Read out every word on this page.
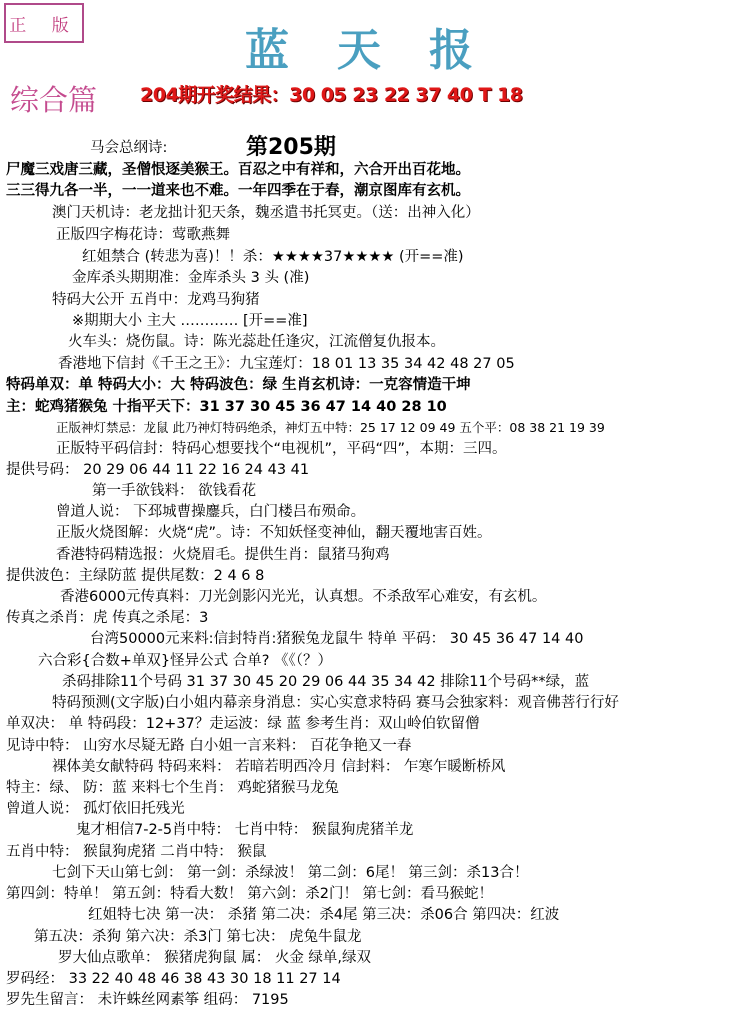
正 版	蓝天报
综合篇 204期开奖结果：30 05 23 22 37 40 T 18
第205期
马会总纲诗:
尸魔三戏唐三藏，圣僧恨逐美猴王。百忍之中有祥和，六合开出百花地。
三三得九各一半，一一道来也不难。一年四季在于春，潮京图库有玄机。
澳门天机诗：老龙拙计犯天条，魏丞遣书托冥吏。（送：出神入化）
正版四字梅花诗：莺歌燕舞
红姐禁合 (转悲为喜)！！杀：★★★★37★★★★ (开==准)
金库杀头期期准：金库杀头 3 头 (准)
特码大公开 五肖中：龙鸡马狗猪
※期期大小 主大 ………… [开==准]
火车头：烧伤鼠。诗：陈光蕊赴任逢灾，江流僧复仇报本。
香港地下信封《千王之王》：九宝莲灯：18 01 13 35 34 42 48 27 05
特码单双：单 特码大小：大 特码波色：绿 生肖玄机诗：一克容情造干坤
主：蛇鸡猪猴兔 十指平天下：31 37 30 45 36 47 14 40 28 10
正版神灯禁忌：龙鼠 此乃神灯特码绝杀，神灯五中特：25 17 12 09 49 五个平：08 38 21 19 39
正版特平码信封：特码心想要找个“电视机”，平码“四”，本期：三四。
提供号码： 20 29 06 44 11 22 16 24 43 41
第一手欲钱料： 欲钱看花
曾道人说： 下邳城曹操鏖兵，白门楼吕布殒命。
正版火烧图解：火烧“虎”。诗：不知妖怪变神仙，翻天覆地害百姓。
香港特码精选报：火烧眉毛。提供生肖：鼠猪马狗鸡
提供波色：主绿防蓝 提供尾数：2 4 6 8
香港6000元传真料：刀光剑影闪光光，认真想。不杀敌军心难安，有玄机。
传真之杀肖：虎 传真之杀尾：3
台湾50000元来料:信封特肖:猪猴兔龙鼠牛 特单 平码： 30 45 36 47 14 40
六合彩{合数+单双}怪异公式 合单? 《《（？）
杀码排除11个号码 31 37 30 45 20 29 06 44 35 34 42 排除11个号码**绿，蓝
特码预测(文字版)白小姐内幕亲身消息：实心实意求特码 赛马会独家料：观音佛菩行行好
单双决： 单 特码段：12+37？走运波：绿 蓝 参考生肖：双山岭伯钦留僧
见诗中特： 山穷水尽疑无路 白小姐一言来料： 百花争艳又一春
裸体美女献特码 特码来料： 若暗若明西冷月 信封料： 乍寒乍暖断桥风
特主：绿、 防：蓝 来料七个生肖： 鸡蛇猪猴马龙兔
曾道人说： 孤灯依旧托残光
鬼才相信7-2-5肖中特： 七肖中特： 猴鼠狗虎猪羊龙
五肖中特： 猴鼠狗虎猪 二肖中特： 猴鼠
七剑下天山第七剑： 第一剑：杀绿波！ 第二剑：6尾！ 第三剑：杀13合！
第四剑：特单！ 第五剑：特看大数！ 第六剑：杀2门！ 第七剑：看马猴蛇！
红姐特七决 第一决： 杀猪 第二决：杀4尾 第三决：杀06合 第四决：红波
第五决：杀狗 第六决：杀3门 第七决： 虎兔牛鼠龙
罗大仙点歌单： 猴猪虎狗鼠 属： 火金 绿单,绿双
罗码经： 33 22 40 48 46 38 43 30 18 11 27 14
罗先生留言： 未许蛛丝网素筝 组码： 7195
